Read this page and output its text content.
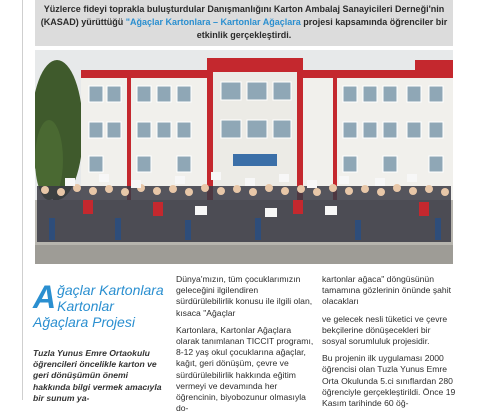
Yüzlerce fideyi toprakla buluşturdular Danışmanlığını Karton Ambalaj Sanayicileri Derneği'nin
(KASAD) yürüttüğü "Ağaçlar Kartonlara – Kartonlar Ağaçlara projesi kapsamında öğrenciler bir
etkinlik gerçekleştirdi.
A ğaçlar Kartonlara
Kartonlar Ağaçlara Projesi
Tuzla Yunus Emre Ortaokulu öğrencileri öncelikle karton ve geri dönüşümün önemi hakkında bilgi vermek amacıyla bir sunum ya-

Dünya'mızın, tüm çocuklarımızın geleceğini ilgilendiren sürdürülebilirlik konusu ile ilgili olan, kısaca "Ağaçlar

Kartonlara, Kartonlar Ağaçlara olarak tanımlanan TICCIT programı, 8-12 yaş okul çocuklarına ağaçlar, kağıt, geri dönüşüm, çevre ve sürdürülebilirlik hakkında eğitim vermeyi ve devamında her öğrencinin, biyobozunur olmasıyla do-

kartonlar ağaca" döngüsünün tamamına gözlerinin önünde şahit olacakları

ve gelecek nesli tüketici ve çevre bekçilerine dönüşecekleri bir sosyal sorumluluk projesidir.

Bu projenin ilk uygulaması 2000 öğrencisi olan Tuzla Yunus Emre Orta Okulunda 5.ci sınıflardan 280 öğrenciyle gerçekleştirildi. Önce 19 Kasım tarihinde 60 öğ-
